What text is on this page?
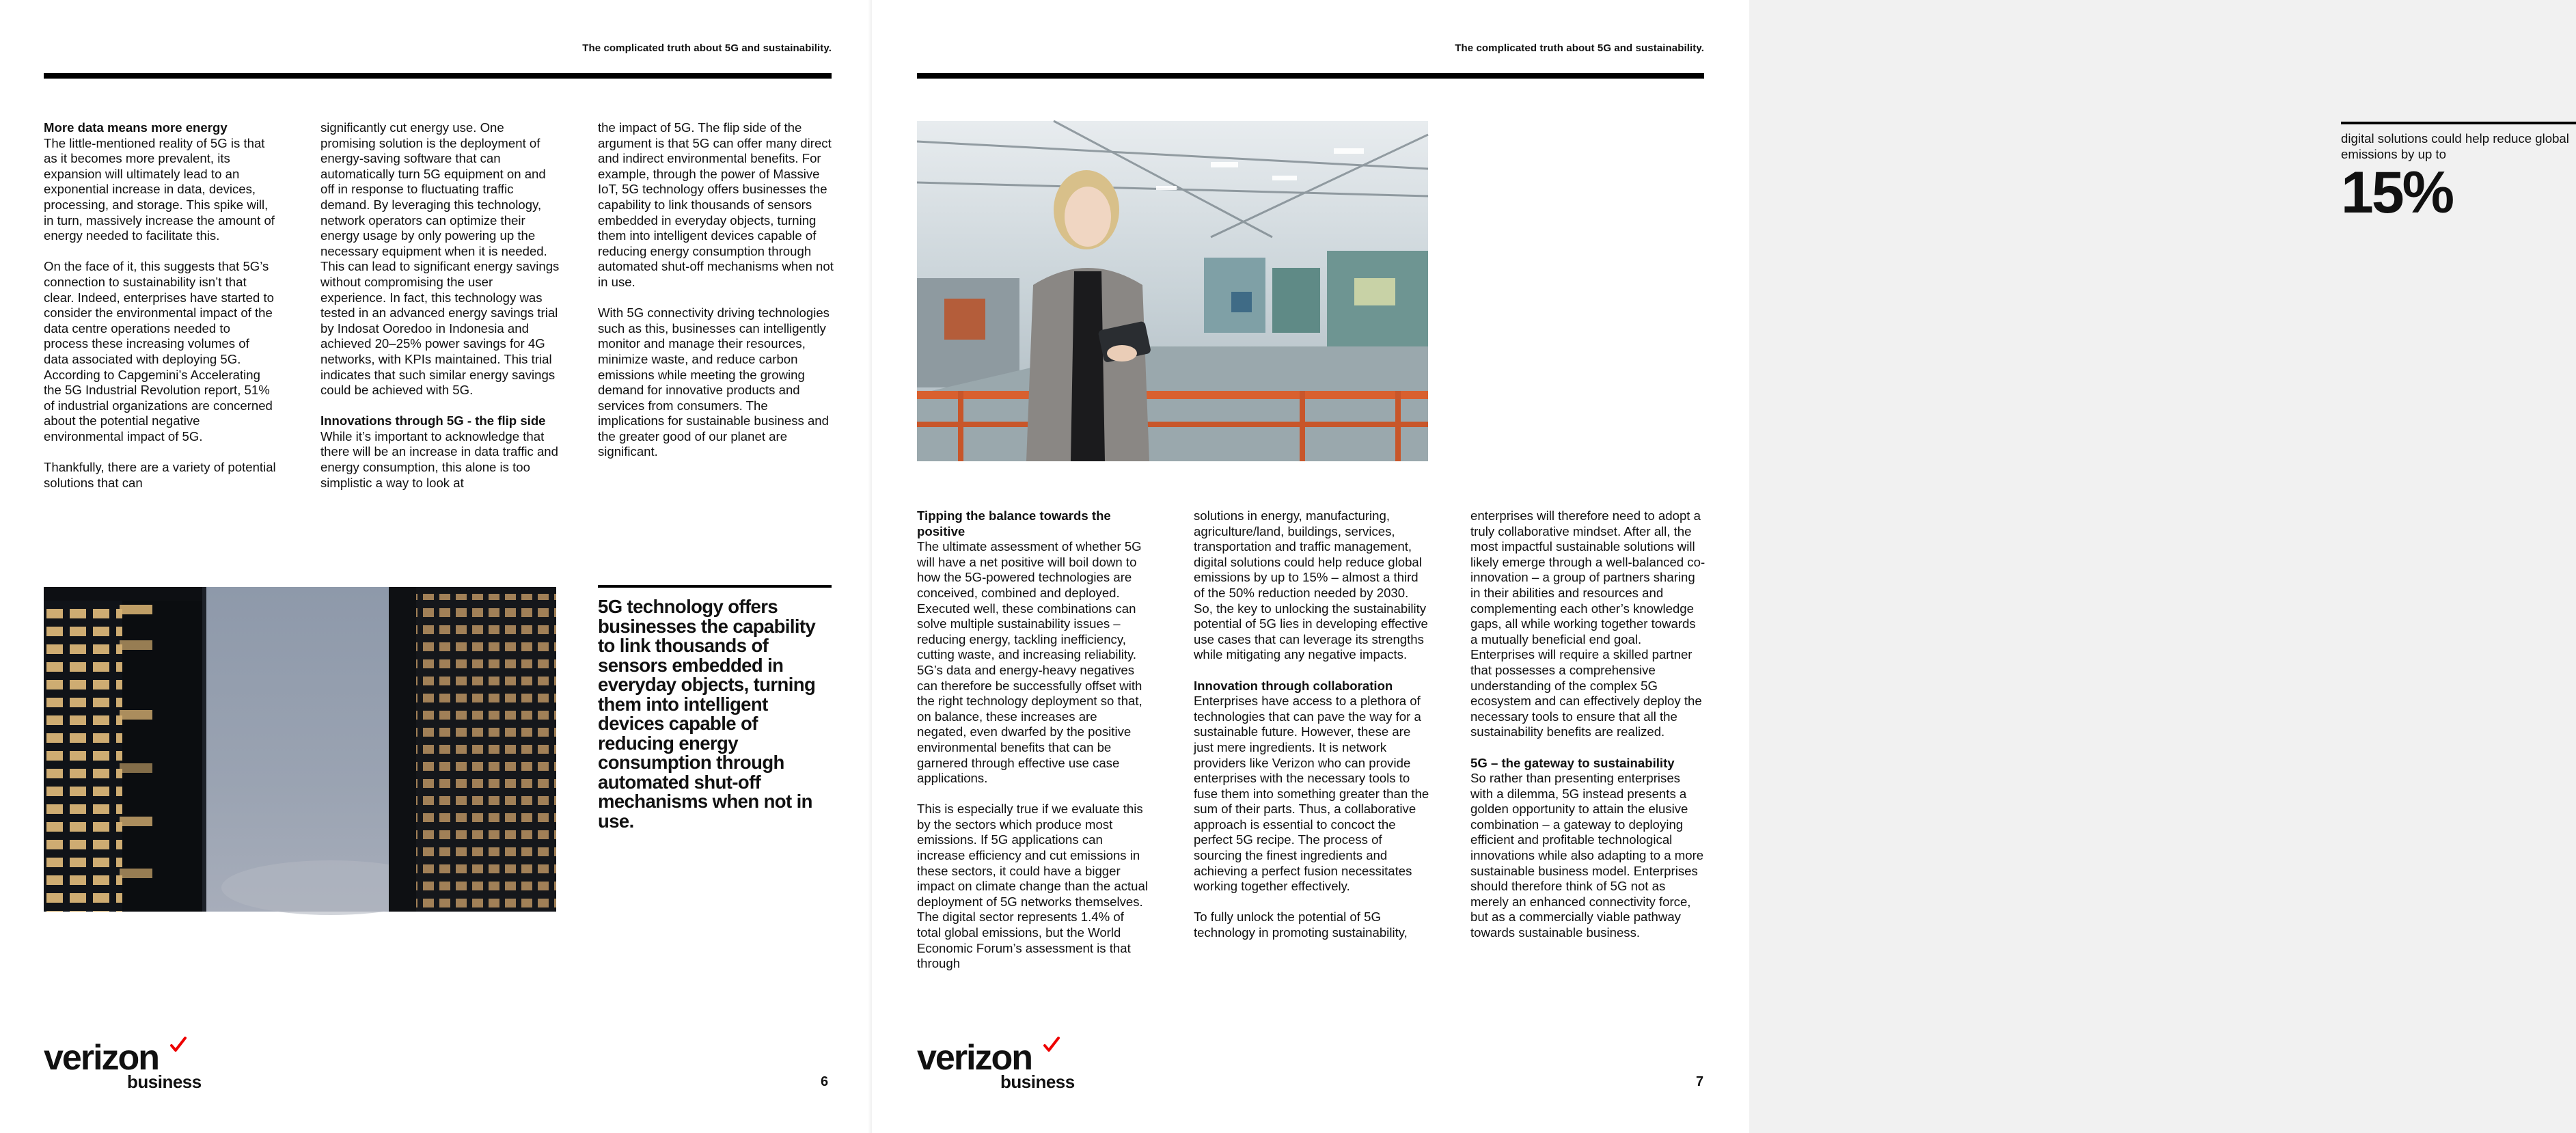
The complicated truth about 5G and sustainability.

More data means more energy
The little-mentioned reality of 5G is that as it becomes more prevalent, its expansion will ultimately lead to an exponential increase in data, devices, processing, and storage. This spike will, in turn, massively increase the amount of energy needed to facilitate this.

On the face of it, this suggests that 5G’s connection to sustainability isn’t that clear. Indeed, enterprises have started to consider the environmental impact of the data centre operations needed to process these increasing volumes of data associated with deploying 5G. According to Capgemini’s Accelerating the 5G Industrial Revolution report, 51% of industrial organizations are concerned about the potential negative environmental impact of 5G.

Thankfully, there are a variety of potential solutions that can

significantly cut energy use. One promising solution is the deployment of energy-saving software that can automatically turn 5G equipment on and off in response to fluctuating traffic demand. By leveraging this technology, network operators can optimize their energy usage by only powering up the necessary equipment when it is needed. This can lead to significant energy savings without compromising the user experience. In fact, this technology was tested in an advanced energy savings trial by Indosat Ooredoo in Indonesia and achieved 20–25% power savings for 4G networks, with KPIs maintained. This trial indicates that such similar energy savings could be achieved with 5G.

Innovations through 5G - the flip side
While it’s important to acknowledge that there will be an increase in data traffic and energy consumption, this alone is too simplistic a way to look at

the impact of 5G. The flip side of the argument is that 5G can offer many direct and indirect environmental benefits. For example, through the power of Massive IoT, 5G technology offers businesses the capability to link thousands of sensors embedded in everyday objects, turning them into intelligent devices capable of reducing energy consumption through automated shut-off mechanisms when not in use.

With 5G connectivity driving technologies such as this, businesses can intelligently monitor and manage their resources, minimize waste, and reduce carbon emissions while meeting the growing demand for innovative products and services from consumers. The implications for sustainable business and the greater good of our planet are significant.

5G technology offers businesses the capability to link thousands of sensors embedded in everyday objects, turning them into intelligent devices capable of reducing energy consumption through automated shut-off mechanisms when not in use.
verizon
business	6
The complicated truth about 5G and sustainability.
digital solutions could help reduce global emissions by up to
15%

Tipping the balance towards the positive
The ultimate assessment of whether 5G will have a net positive will boil down to how the 5G-powered technologies are conceived, combined and deployed. Executed well, these combinations can solve multiple sustainability issues – reducing energy, tackling inefficiency, cutting waste, and increasing reliability. 5G’s data and energy-heavy negatives can therefore be successfully offset with the right technology deployment so that, on balance, these increases are negated, even dwarfed by the positive environmental benefits that can be garnered through effective use case applications.

This is especially true if we evaluate this by the sectors which produce most emissions. If 5G applications can increase efficiency and cut emissions in these sectors, it could have a bigger impact on climate change than the actual deployment of 5G networks themselves. The digital sector represents 1.4% of total global emissions, but the World Economic Forum’s assessment is that through

solutions in energy, manufacturing, agriculture/land, buildings, services, transportation and traffic management, digital solutions could help reduce global emissions by up to 15% – almost a third of the 50% reduction needed by 2030. So, the key to unlocking the sustainability potential of 5G lies in developing effective use cases that can leverage its strengths while mitigating any negative impacts.

Innovation through collaboration
Enterprises have access to a plethora of technologies that can pave the way for a sustainable future. However, these are just mere ingredients. It is network providers like Verizon who can provide enterprises with the necessary tools to fuse them into something greater than the sum of their parts. Thus, a collaborative approach is essential to concoct the perfect 5G recipe. The process of sourcing the finest ingredients and achieving a perfect fusion necessitates working together effectively.

To fully unlock the potential of 5G technology in promoting sustainability,

enterprises will therefore need to adopt a truly collaborative mindset. After all, the most impactful sustainable solutions will likely emerge through a well-balanced co-innovation – a group of partners sharing in their abilities and resources and complementing each other’s knowledge gaps, all while working together towards a mutually beneficial end goal. Enterprises will require a skilled partner that possesses a comprehensive understanding of the complex 5G ecosystem and can effectively deploy the necessary tools to ensure that all the sustainability benefits are realized.

5G – the gateway to sustainability
So rather than presenting enterprises with a dilemma, 5G instead presents a golden opportunity to attain the elusive combination – a gateway to deploying efficient and profitable technological innovations while also adapting to a more sustainable business model. Enterprises should therefore think of 5G not as merely an enhanced connectivity force, but as a commercially viable pathway towards sustainable business.

verizon
business	7
